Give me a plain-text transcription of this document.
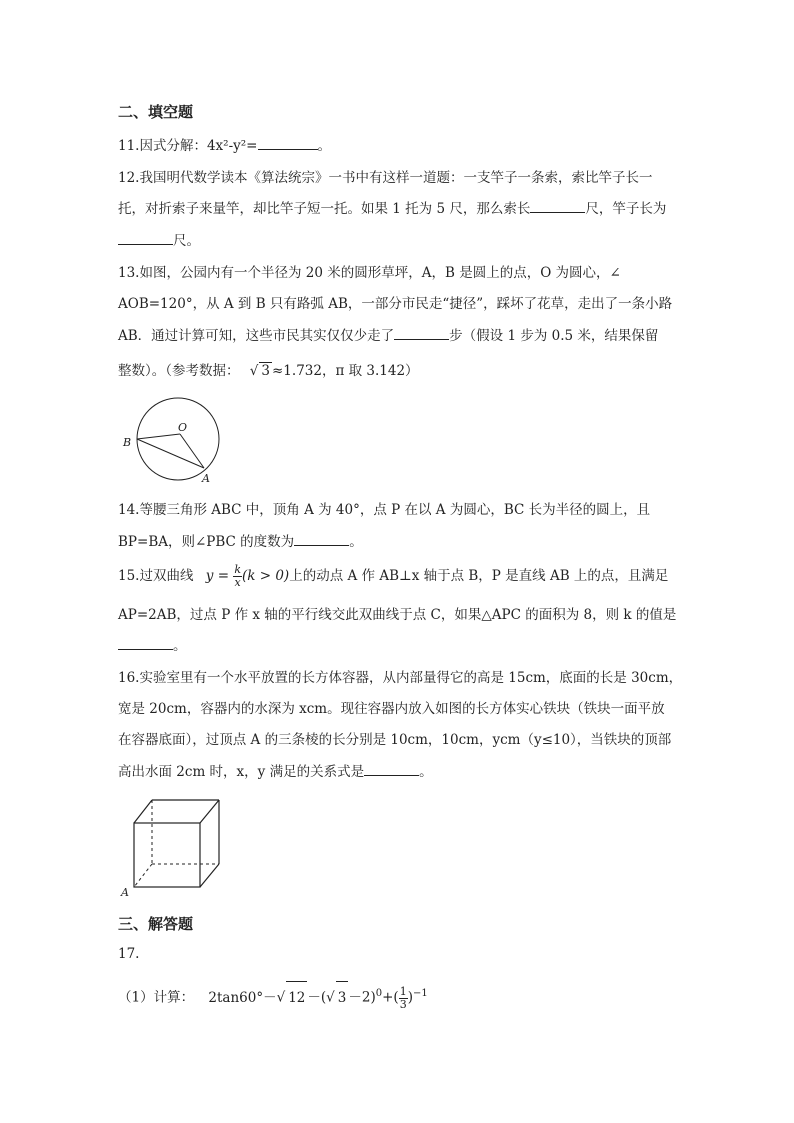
二、填空题
11.因式分解：4x²-y²=	。
12.我国明代数学读本《算法统宗》一书中有这样一道题：一支竿子一条索，索比竿子长一
托，对折索子来量竿，却比竿子短一托。如果 1 托为 5 尺，那么索长	尺，竿子长为
尺。
13.如图，公园内有一个半径为 20 米的圆形草坪，A，B 是圆上的点，O 为圆心，∠
AOB=120°，从 A 到 B 只有路弧 AB，一部分市民走“捷径”，踩坏了花草，走出了一条小路
AB．通过计算可知，这些市民其实仅仅少走了	步（假设 1 步为 0.5 米，结果保留
整数）。（参考数据： √ 3 ≈1.732，π 取 3.142）
B
O
A
14.等腰三角形 ABC 中，顶角 A 为 40°，点 P 在以 A 为圆心，BC 长为半径的圆上，且
BP=BA，则∠PBC 的度数为	。
15.过双曲线 $y = \frac{k}{x} (k > 0)$上的动点 A 作 AB⊥x 轴于点 B，P 是直线 AB 上的点，且满足
AP=2AB，过点 P 作 x 轴的平行线交此双曲线于点 C，如果△APC 的面积为 8，则 k 的值是
。
16.实验室里有一个水平放置的长方体容器，从内部量得它的高是 15cm，底面的长是 30cm，
宽是 20cm，容器内的水深为 xcm。现往容器内放入如图的长方体实心铁块（铁块一面平放
在容器底面），过顶点 A 的三条棱的长分别是 10cm，10cm，ycm（y≤10），当铁块的顶部
高出水面 2cm 时，x，y 满足的关系式是	。
A
三、解答题
17.
（1）计算： 2tan60°－√ 12 －(√ $3 -2)^0+( \frac{1}{3} )^{-1}$
